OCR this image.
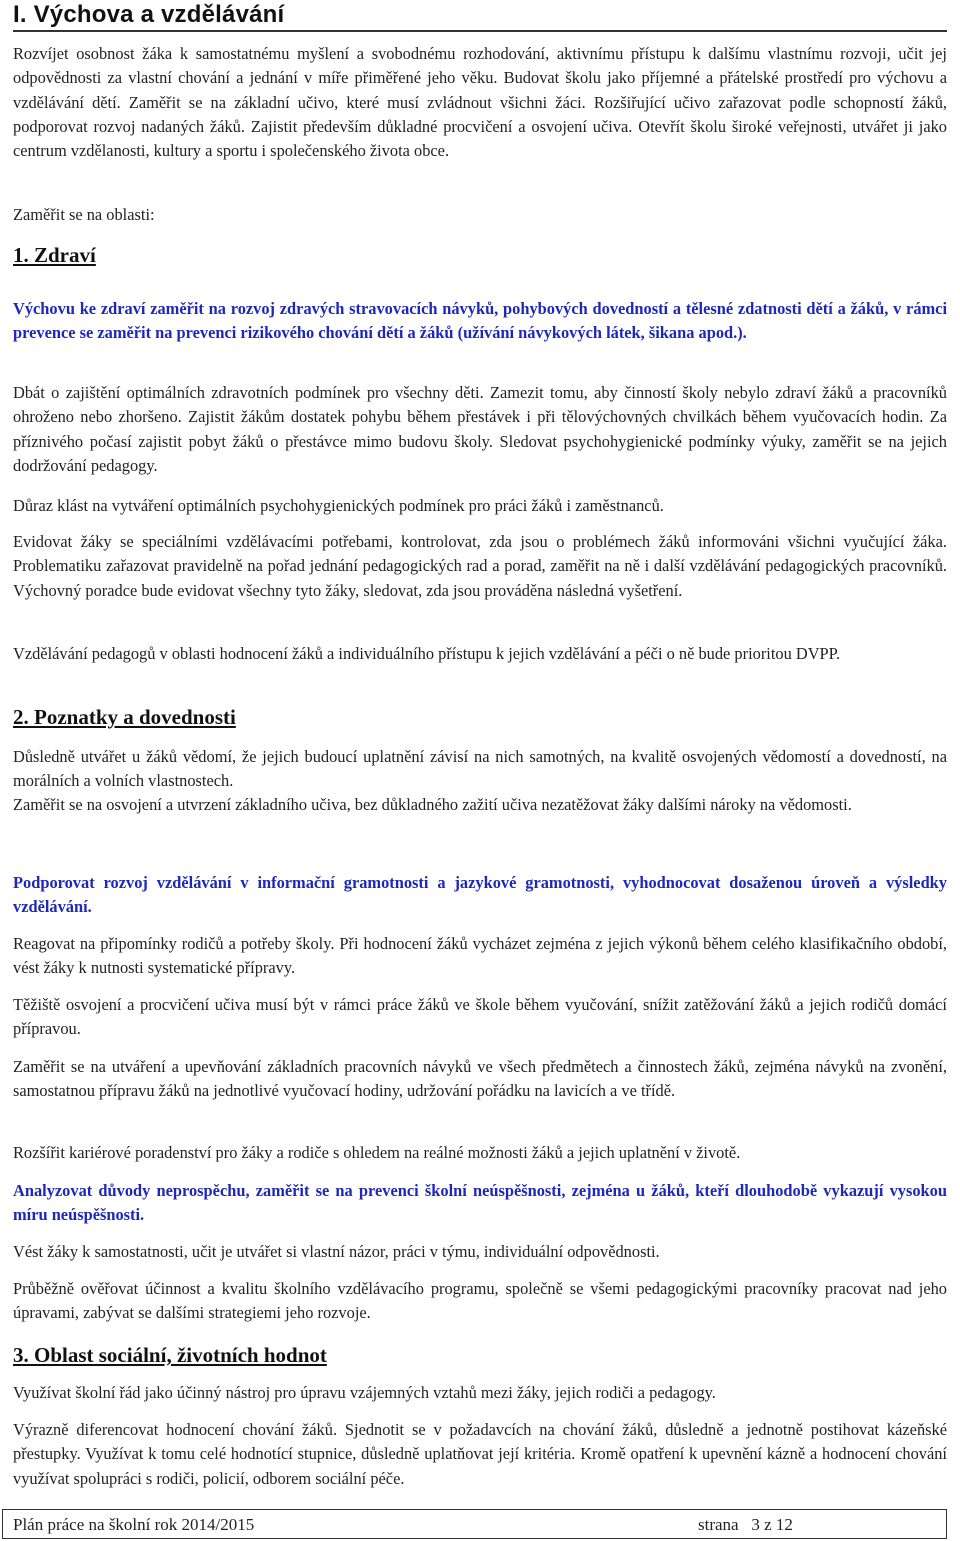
I. Výchova a vzdělávání

Rozvíjet osobnost žáka k samostatnému myšlení a svobodnému rozhodování, aktivnímu přístupu k dalšímu vlastnímu rozvoji, učit jej odpovědnosti za vlastní chování a jednání v míře přiměřené jeho věku. Budovat školu jako příjemné a přátelské prostředí pro výchovu a vzdělávání dětí. Zaměřit se na základní učivo, které musí zvládnout všichni žáci. Rozšiřující učivo zařazovat podle schopností žáků, podporovat rozvoj nadaných žáků. Zajistit především důkladné procvičení a osvojení učiva. Otevřít školu široké veřejnosti, utvářet ji jako centrum vzdělanosti, kultury a sportu i společenského života obce.

Zaměřit se na oblasti:

1. Zdraví

Výchovu ke zdraví zaměřit na rozvoj zdravých stravovacích návyků, pohybových dovedností a tělesné zdatnosti dětí a žáků, v rámci prevence se zaměřit na prevenci rizikového chování dětí a žáků (užívání návykových látek, šikana apod.).

Dbát o zajištění optimálních zdravotních podmínek pro všechny děti. Zamezit tomu, aby činností školy nebylo zdraví žáků a pracovníků ohroženo nebo zhoršeno. Zajistit žákům dostatek pohybu během přestávek i při tělovýchovných chvilkách během vyučovacích hodin. Za příznivého počasí zajistit pobyt žáků o přestávce mimo budovu školy. Sledovat psychohygienické podmínky výuky, zaměřit se na jejich dodržování pedagogy.

Důraz klást na vytváření optimálních psychohygienických podmínek pro práci žáků i zaměstnanců.

Evidovat žáky se speciálními vzdělávacími potřebami, kontrolovat, zda jsou o problémech žáků informováni všichni vyučující žáka. Problematiku zařazovat pravidelně na pořad jednání pedagogických rad a porad, zaměřit na ně i další vzdělávání pedagogických pracovníků. Výchovný poradce bude evidovat všechny tyto žáky, sledovat, zda jsou prováděna následná vyšetření.

Vzdělávání pedagogů v oblasti hodnocení žáků a individuálního přístupu k jejich vzdělávání a péči o ně bude prioritou DVPP.

2. Poznatky a dovednosti

Důsledně utvářet u žáků vědomí, že jejich budoucí uplatnění závisí na nich samotných, na kvalitě osvojených vědomostí a dovedností, na morálních a volních vlastnostech.

Zaměřit se na osvojení a utvrzení základního učiva, bez důkladného zažití učiva nezatěžovat žáky dalšími nároky na vědomosti.

Podporovat rozvoj vzdělávání v informační gramotnosti a jazykové gramotnosti, vyhodnocovat dosaženou úroveň a výsledky vzdělávání.

Reagovat na připomínky rodičů a potřeby školy. Při hodnocení žáků vycházet zejména z jejich výkonů během celého klasifikačního období, vést žáky k nutnosti systematické přípravy.

Těžiště osvojení a procvičení učiva musí být v rámci práce žáků ve škole během vyučování, snížit zatěžování žáků a jejich rodičů domácí přípravou.

Zaměřit se na utváření a upevňování základních pracovních návyků ve všech předmětech a činnostech žáků, zejména návyků na zvonění, samostatnou přípravu žáků na jednotlivé vyučovací hodiny, udržování pořádku na lavicích a ve třídě.

Rozšířit kariérové poradenství pro žáky a rodiče s ohledem na reálné možnosti žáků a jejich uplatnění v životě.

Analyzovat důvody neprospěchu, zaměřit se na prevenci školní neúspěšnosti, zejména u žáků, kteří dlouhodobě vykazují vysokou míru neúspěšnosti.

Vést žáky k samostatnosti, učit je utvářet si vlastní názor, práci v týmu, individuální odpovědnosti.

Průběžně ověřovat účinnost a kvalitu školního vzdělávacího programu, společně se všemi pedagogickými pracovníky pracovat nad jeho úpravami, zabývat se dalšími strategiemi jeho rozvoje.

3. Oblast sociální, životních hodnot

Využívat školní řád jako účinný nástroj pro úpravu vzájemných vztahů mezi žáky, jejich rodiči a pedagogy.

Výrazně diferencovat hodnocení chování žáků. Sjednotit se v požadavcích na chování žáků, důsledně a jednotně postihovat kázeňské přestupky. Využívat k tomu celé hodnotící stupnice, důsledně uplatňovat její kritéria. Kromě opatření k upevnění kázně a hodnocení chování využívat spolupráci s rodiči, policií, odborem sociální péče.

Plán práce na školní rok 2014/2015	strana   3 z 12
